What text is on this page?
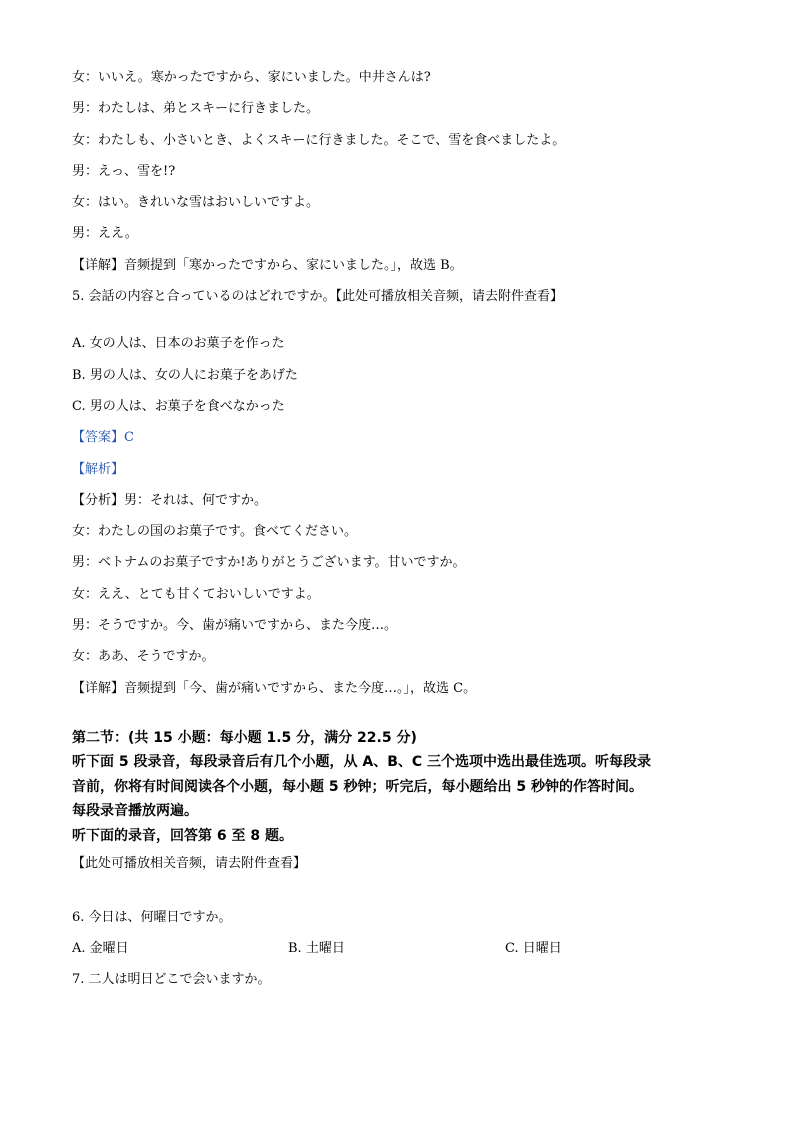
女：いいえ。寒かったですから、家にいました。中井さんは?
男：わたしは、弟とスキーに行きました。
女：わたしも、小さいとき、よくスキーに行きました。そこで、雪を食べましたよ。
男：えっ、雪を!?
女：はい。きれいな雪はおいしいですよ。
男：ええ。
【详解】音频提到「寒かったですから、家にいました。」，故选 B。
5. 会話の内容と合っているのはどれですか。【此处可播放相关音频，请去附件查看】
A. 女の人は、日本のお菓子を作った
B. 男の人は、女の人にお菓子をあげた
C. 男の人は、お菓子を食べなかった
【答案】C
【解析】
【分析】男：それは、何ですか。
女：わたしの国のお菓子です。食べてください。
男：ベトナムのお菓子ですか!ありがとうございます。甘いですか。
女：ええ、とても甘くておいしいですよ。
男：そうですか。今、歯が痛いですから、また今度…。
女：ああ、そうですか。
【详解】音频提到「今、歯が痛いですから、また今度…。」，故选 C。
第二节：(共 15 小题：每小题 1.5 分，满分 22.5 分)
听下面 5 段录音，每段录音后有几个小题，从 A、B、C 三个选项中选出最佳选项。听每段录
音前，你将有时间阅读各个小题，每小题 5 秒钟；听完后，每小题给出 5 秒钟的作答时间。
每段录音播放两遍。
听下面的录音，回答第 6 至 8 题。
【此处可播放相关音频，请去附件查看】
6. 今日は、何曜日ですか。
A. 金曜日	B. 土曜日	C. 日曜日
7. 二人は明日どこで会いますか。
